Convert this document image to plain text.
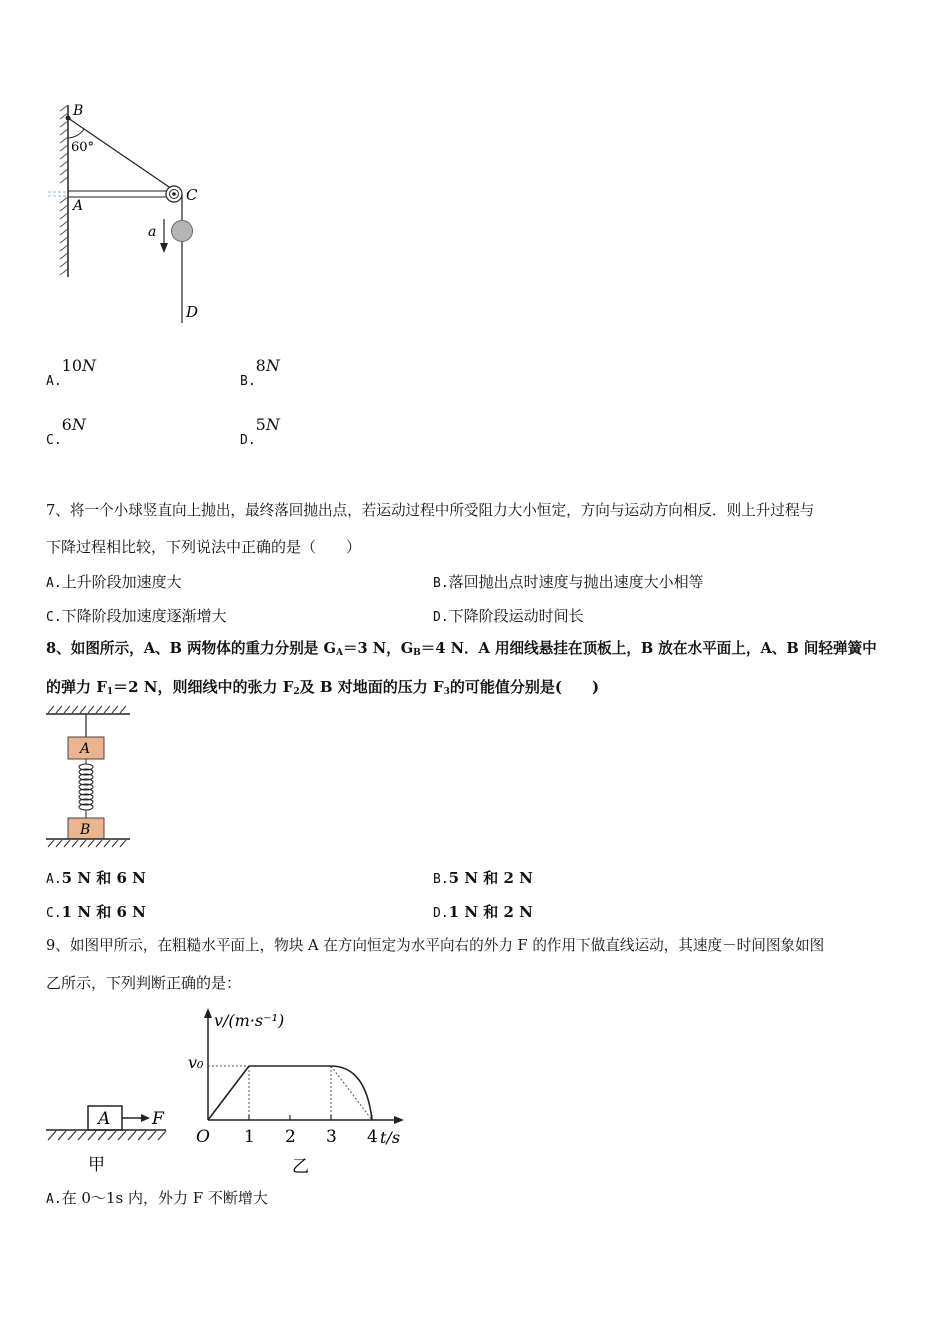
B
60°
A
C
a
D
A.10N
B.8N
C.6N
D.5N
7、将一个小球竖直向上抛出，最终落回抛出点，若运动过程中所受阻力大小恒定，方向与运动方向相反．则上升过程与
下降过程相比较，下列说法中正确的是（　　）
A.上升阶段加速度大	B.落回抛出点时速度与抛出速度大小相等
C.下降阶段加速度逐渐增大	D.下降阶段运动时间长
8、如图所示，A、B 两物体的重力分别是 $G_A=3$ N，$G_B=4$ N．A 用细线悬挂在顶板上，B 放在水平面上，A、B 间轻弹簧中
的弹力 $F_1=2$ N，则细线中的张力 $F_2$及 B 对地面的压力 $F_3$的可能值分别是(　　)
A
B
A.5 N 和 6 N	B.5 N 和 2 N
C.1 N 和 6 N	D.1 N 和 2 N
9、如图甲所示，在粗糙水平面上，物块 A 在方向恒定为水平向右的外力 F 的作用下做直线运动，其速度－时间图象如图
乙所示，下列判断正确的是：
A F
甲
v/(m·s⁻¹)
t/s
O
v₀
1 2 3 4
乙
A.在 0～1s 内，外力 F 不断增大
